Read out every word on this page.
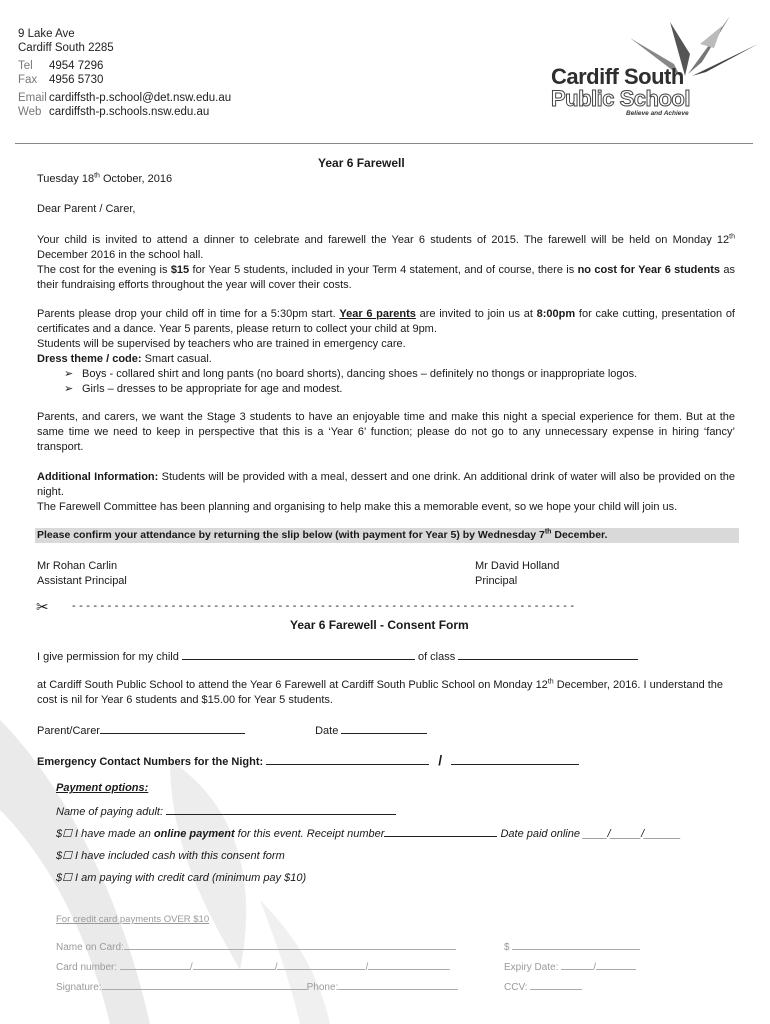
9 Lake Ave
Cardiff South 2285
Tel 4954 7296
Fax 4956 5730
Email cardiffsth-p.school@det.nsw.edu.au
Web cardiffsth-p.schools.nsw.edu.au
Cardiff South
Public School
Believe and Achieve
Year 6 Farewell
Tuesday 18th October, 2016
Dear Parent / Carer,

Your child is invited to attend a dinner to celebrate and farewell the Year 6 students of 2015. The farewell will be held on Monday 12th December 2016 in the school hall.

The cost for the evening is $15 for Year 5 students, included in your Term 4 statement, and of course, there is no cost for Year 6 students as their fundraising efforts throughout the year will cover their costs.

Parents please drop your child off in time for a 5:30pm start. Year 6 parents are invited to join us at 8:00pm for cake cutting, presentation of certificates and a dance. Year 5 parents, please return to collect your child at 9pm.

Students will be supervised by teachers who are trained in emergency care.

Dress theme / code: Smart casual.

➢ Boys - collared shirt and long pants (no board shorts), dancing shoes – definitely no thongs or inappropriate logos.
➢ Girls – dresses to be appropriate for age and modest.
Parents, and carers, we want the Stage 3 students to have an enjoyable time and make this night a special experience for them. But at the same time we need to keep in perspective that this is a ‘Year 6’ function; please do not go to any unnecessary expense in hiring ‘fancy’ transport.

Additional Information: Students will be provided with a meal, dessert and one drink. An additional drink of water will also be provided on the night.

The Farewell Committee has been planning and organising to help make this a memorable event, so we hope your child will join us.

Please confirm your attendance by returning the slip below (with payment for Year 5) by Wednesday 7th December.
Mr Rohan Carlin
Assistant Principal
Mr David Holland
Principal
✂ - - - - - - - - - - - - - - - - - - - - - - - - - - - - - - - - - - - - - - - - - - - - - - - - - - - - - - - - - - - - - - - - - - - - - - -
Year 6 Farewell - Consent Form
I give permission for my child	of class
at Cardiff South Public School to attend the Year 6 Farewell at Cardiff South Public School on Monday 12th December, 2016. I understand the cost is nil for Year 6 students and $15.00 for Year 5 students.
Parent/Carer	Date
Emergency Contact Numbers for the Night:	/
Payment options:
Name of paying adult:
$☐ I have made an online payment for this event. Receipt number	Date paid online ____/_____/______
$☐ I have included cash with this consent form
$☐ I am paying with credit card (minimum pay $10)
For credit card payments OVER $10
Name on Card:	$
Card number:	/	/	/	Expiry Date:	/
Signature:	Phone:	CCV:
